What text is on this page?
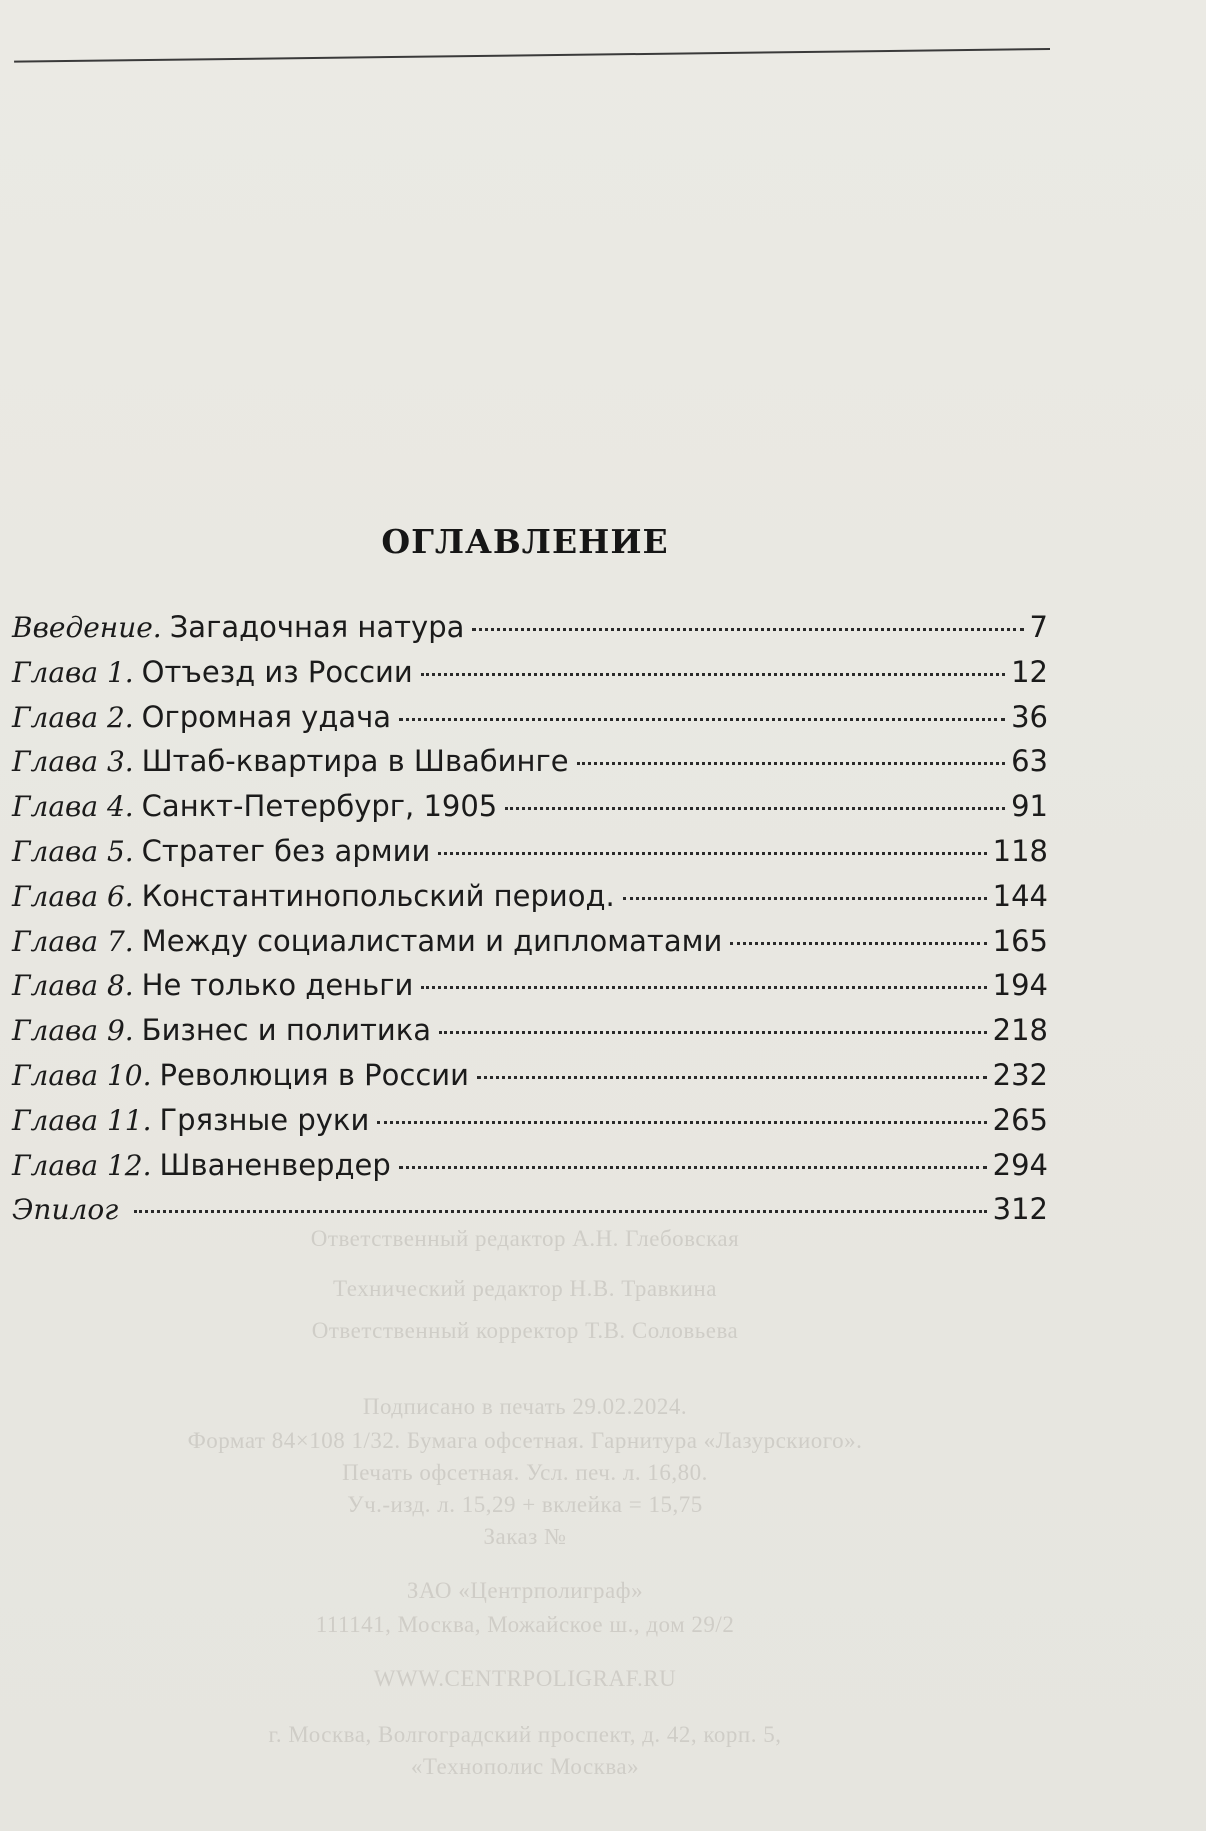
Ответственный редактор А.Н. Глебовская
Технический редактор Н.В. Травкина
Ответственный корректор Т.В. Соловьева
Подписано в печать 29.02.2024.
Формат 84×108 1/32. Бумага офсетная. Гарнитура «Лазурскиого».
Печать офсетная. Усл. печ. л. 16,80.
Уч.-изд. л. 15,29 + вклейка = 15,75
Заказ №
ЗАО «Центрполиграф»
111141, Москва, Можайское ш., дом 29/2
WWW.CENTRPOLIGRAF.RU
г. Москва, Волгоградский проспект, д. 42, корп. 5,
«Технополис Москва»
ОГЛАВЛЕНИЕ
Введение. Загадочная натура	7
Глава 1. Отъезд из России	12
Глава 2. Огромная удача	36
Глава 3. Штаб-квартира в Швабинге	63
Глава 4. Санкт-Петербург, 1905	91
Глава 5. Стратег без армии	118
Глава 6. Константинопольский период.	144
Глава 7. Между социалистами и дипломатами	165
Глава 8. Не только деньги	194
Глава 9. Бизнес и политика	218
Глава 10. Революция в России	232
Глава 11. Грязные руки	265
Глава 12. Шваненвердер	294
Эпилог	312
